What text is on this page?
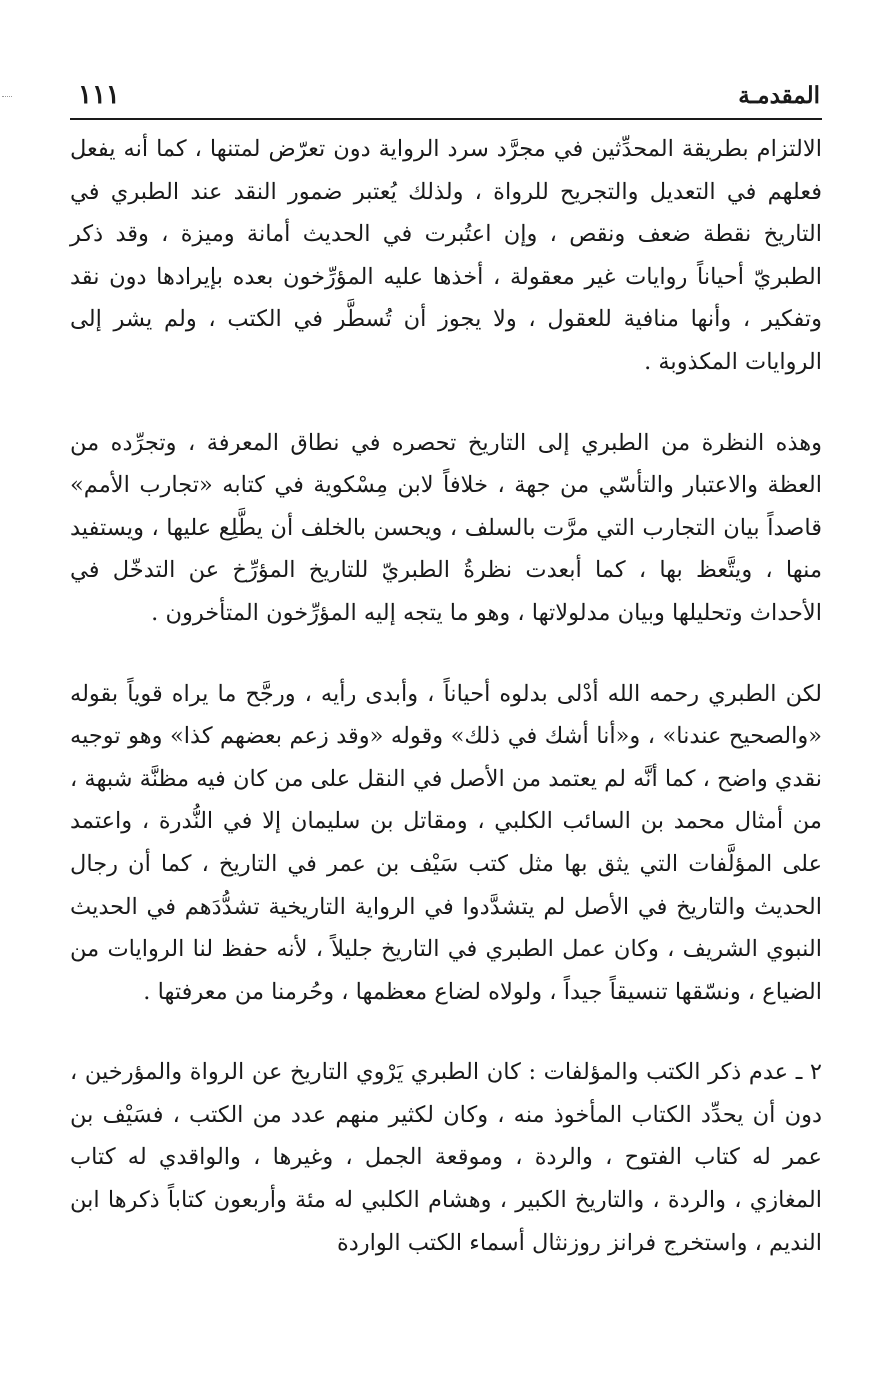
المقدمـة
١١١

الالتزام بطريقة المحدِّثين في مجرَّد سرد الرواية دون تعرّض لمتنها ، كما أنه يفعل فعلهم في التعديل والتجريح للرواة ، ولذلك يُعتبر ضمور النقد عند الطبري في التاريخ نقطة ضعف ونقص ، وإن اعتُبرت في الحديث أمانة وميزة ، وقد ذكر الطبريّ أحياناً روايات غير معقولة ، أخذها عليه المؤرِّخون بعده بإيرادها دون نقد وتفكير ، وأنها منافية للعقول ، ولا يجوز أن تُسطَّر في الكتب ، ولم يشر إلى الروايات المكذوبة .

وهذه النظرة من الطبري إلى التاريخ تحصره في نطاق المعرفة ، وتجرِّده من العظة والاعتبار والتأسّي من جهة ، خلافاً لابن مِسْكوية في كتابه «تجارب الأمم» قاصداً بيان التجارب التي مرَّت بالسلف ، ويحسن بالخلف أن يطَّلِع عليها ، ويستفيد منها ، ويتَّعظ بها ، كما أبعدت نظرةُ الطبريّ للتاريخ المؤرِّخ عن التدخّل في الأحداث وتحليلها وبيان مدلولاتها ، وهو ما يتجه إليه المؤرِّخون المتأخرون .

لكن الطبري رحمه الله أدْلى بدلوه أحياناً ، وأبدى رأيه ، ورجَّح ما يراه قوياً بقوله «والصحيح عندنا» ، و«أنا أشك في ذلك» وقوله «وقد زعم بعضهم كذا» وهو توجيه نقدي واضح ، كما أنَّه لم يعتمد من الأصل في النقل على من كان فيه مظنَّة شبهة ، من أمثال محمد بن السائب الكلبي ، ومقاتل بن سليمان إلا في النُّدرة ، واعتمد على المؤلَّفات التي يثق بها مثل كتب سَيْف بن عمر في التاريخ ، كما أن رجال الحديث والتاريخ في الأصل لم يتشدَّدوا في الرواية التاريخية تشدُّدَهم في الحديث النبوي الشريف ، وكان عمل الطبري في التاريخ جليلاً ، لأنه حفظ لنا الروايات من الضياع ، ونسّقها تنسيقاً جيداً ، ولولاه لضاع معظمها ، وحُرمنا من معرفتها .

٢ ـ عدم ذكر الكتب والمؤلفات : كان الطبري يَرْوي التاريخ عن الرواة والمؤرخين ، دون أن يحدِّد الكتاب المأخوذ منه ، وكان لكثير منهم عدد من الكتب ، فسَيْف بن عمر له كتاب الفتوح ، والردة ، وموقعة الجمل ، وغيرها ، والواقدي له كتاب المغازي ، والردة ، والتاريخ الكبير ، وهشام الكلبي له مئة وأربعون كتاباً ذكرها ابن النديم ، واستخرج فرانز روزنثال أسماء الكتب الواردة
